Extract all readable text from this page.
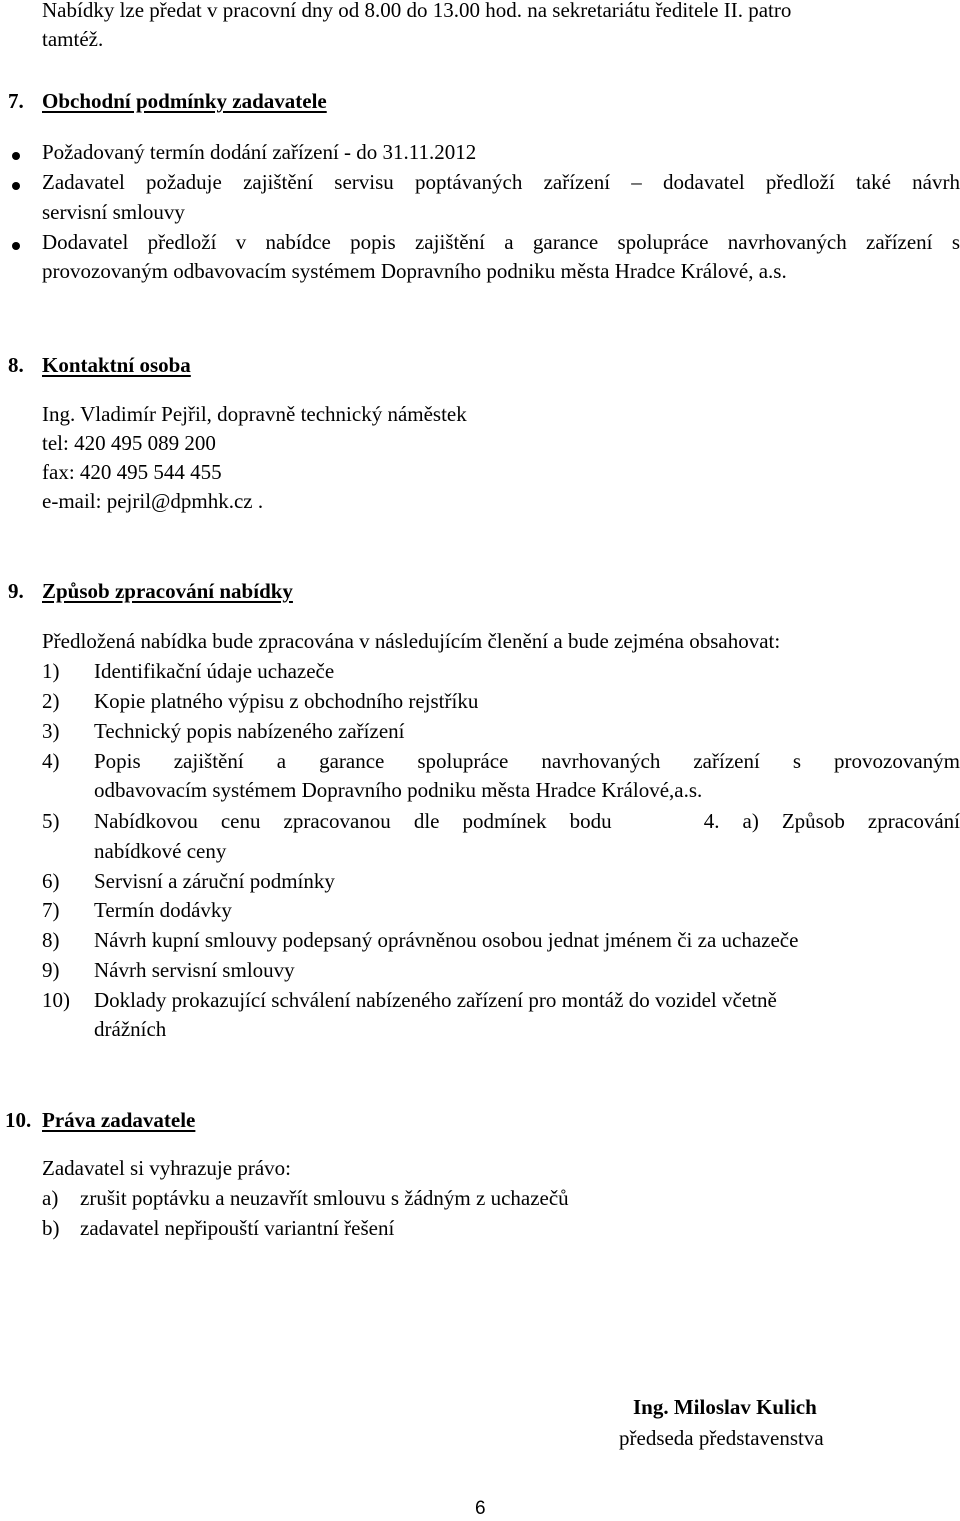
Nabídky lze předat v pracovní dny od 8.00 do 13.00 hod. na sekretariátu ředitele II. patro
tamtéž.
7. Obchodní podmínky zadavatele
Požadovaný termín dodání zařízení - do 31.11.2012
Zadavatel požaduje zajištění servisu poptávaných zařízení – dodavatel předloží také návrh
servisní smlouvy
Dodavatel předloží v nabídce popis zajištění a garance spolupráce navrhovaných zařízení s
provozovaným odbavovacím systémem Dopravního podniku města Hradce Králové, a.s.
8. Kontaktní osoba
Ing. Vladimír Pejřil, dopravně technický náměstek
tel: 420 495 089 200
fax: 420 495 544 455
e-mail: pejril@dpmhk.cz .
9. Způsob zpracování nabídky
Předložená nabídka bude zpracována v následujícím členění a bude zejména obsahovat:
1) Identifikační údaje uchazeče
2) Kopie platného výpisu z obchodního rejstříku
3) Technický popis nabízeného zařízení
4) Popis zajištění a garance spolupráce navrhovaných zařízení s provozovaným
odbavovacím systémem Dopravního podniku města Hradce Králové,a.s.
5) Nabídkovou cenu zpracovanou dle podmínek bodu    4. a) Způsob zpracování
nabídkové ceny
6) Servisní a záruční podmínky
7) Termín dodávky
8) Návrh kupní smlouvy podepsaný oprávněnou osobou jednat jménem či za uchazeče
9) Návrh servisní smlouvy
10) Doklady prokazující schválení nabízeného zařízení pro montáž do vozidel včetně
drážních
10. Práva zadavatele
Zadavatel si vyhrazuje právo:
a) zrušit poptávku a neuzavřít smlouvu s žádným z uchazečů
b) zadavatel nepřipouští variantní řešení
Ing. Miloslav Kulich
předseda představenstva
6
